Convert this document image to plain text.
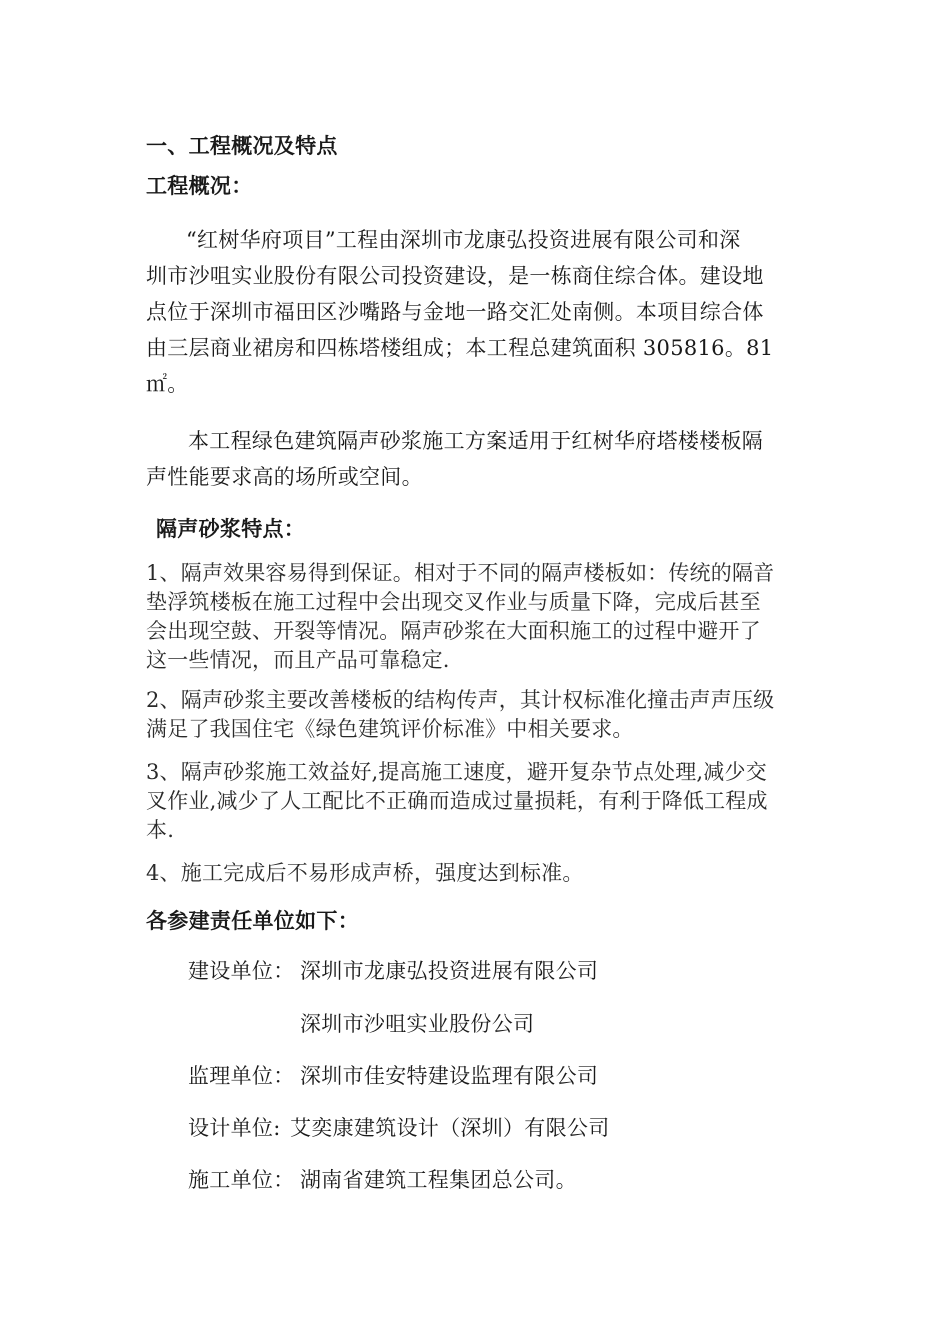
一、工程概况及特点
工程概况：
“红树华府项目”工程由深圳市龙康弘投资进展有限公司和深
圳市沙咀实业股份有限公司投资建设，是一栋商住综合体。建设地
点位于深圳市福田区沙嘴路与金地一路交汇处南侧。本项目综合体
由三层商业裙房和四栋塔楼组成；本工程总建筑面积 305816。81
㎡。
本工程绿色建筑隔声砂浆施工方案适用于红树华府塔楼楼板隔
声性能要求高的场所或空间。
隔声砂浆特点：
1、隔声效果容易得到保证。相对于不同的隔声楼板如：传统的隔音
垫浮筑楼板在施工过程中会出现交叉作业与质量下降，完成后甚至
会出现空鼓、开裂等情况。隔声砂浆在大面积施工的过程中避开了
这一些情况，而且产品可靠稳定.
2、隔声砂浆主要改善楼板的结构传声，其计权标准化撞击声声压级
满足了我国住宅《绿色建筑评价标准》中相关要求。
3、隔声砂浆施工效益好,提高施工速度，避开复杂节点处理,减少交
叉作业,减少了人工配比不正确而造成过量损耗，有利于降低工程成
本.
4、施工完成后不易形成声桥，强度达到标准。
各参建责任单位如下：
建设单位： 深圳市龙康弘投资进展有限公司
深圳市沙咀实业股份公司
监理单位： 深圳市佳安特建设监理有限公司
设计单位: 艾奕康建筑设计（深圳）有限公司
施工单位： 湖南省建筑工程集团总公司。
